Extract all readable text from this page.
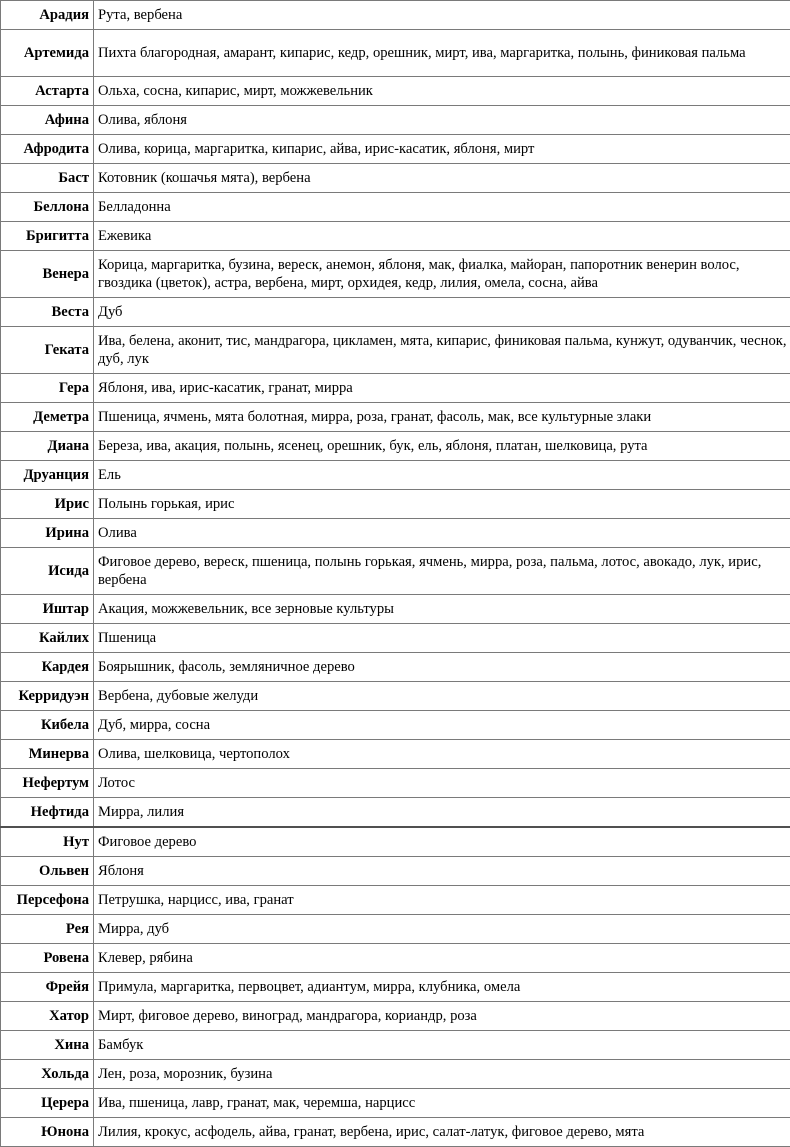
Арадия	Рута, вербена
Артемида	Пихта благородная, амарант, кипарис, кедр, орешник, мирт, ива, маргаритка, полынь, финиковая пальма
Астарта	Ольха, сосна, кипарис, мирт, можжевельник
Афина	Олива, яблоня
Афродита	Олива, корица, маргаритка, кипарис, айва, ирис-касатик, яблоня, мирт
Баст	Котовник (кошачья мята), вербена
Беллона	Белладонна
Бригитта	Ежевика
Венера	Корица, маргаритка, бузина, вереск, анемон, яблоня, мак, фиалка, майоран, папоротник венерин волос, гвоздика (цветок), астра, вербена, мирт, орхидея, кедр, лилия, омела, сосна, айва
Веста	Дуб
Геката	Ива, белена, аконит, тис, мандрагора, цикламен, мята, кипарис, финиковая пальма, кунжут, одуванчик, чеснок, дуб, лук
Гера	Яблоня, ива, ирис-касатик, гранат, мирра
Деметра	Пшеница, ячмень, мята болотная, мирра, роза, гранат, фасоль, мак, все культурные злаки
Диана	Береза, ива, акация, полынь, ясенец, орешник, бук, ель, яблоня, платан, шелковица, рута
Друанция	Ель
Ирис	Полынь горькая, ирис
Ирина	Олива
Исида	Фиговое дерево, вереск, пшеница, полынь горькая, ячмень, мирра, роза, пальма, лотос, авокадо, лук, ирис, вербена
Иштар	Акация, можжевельник, все зерновые культуры
Кайлих	Пшеница
Кардея	Боярышник, фасоль, земляничное дерево
Керридуэн	Вербена, дубовые желуди
Кибела	Дуб, мирра, сосна
Минерва	Олива, шелковица, чертополох
Нефертум	Лотос
Нефтида	Мирра, лилия
Нут	Фиговое дерево
Ольвен	Яблоня
Персефона	Петрушка, нарцисс, ива, гранат
Рея	Мирра, дуб
Ровена	Клевер, рябина
Фрейя	Примула, маргаритка, первоцвет, адиантум, мирра, клубника, омела
Хатор	Мирт, фиговое дерево, виноград, мандрагора, кориандр, роза
Хина	Бамбук
Хольда	Лен, роза, морозник, бузина
Церера	Ива, пшеница, лавр, гранат, мак, черемша, нарцисс
Юнона	Лилия, крокус, асфодель, айва, гранат, вербена, ирис, салат-латук, фиговое дерево, мята
